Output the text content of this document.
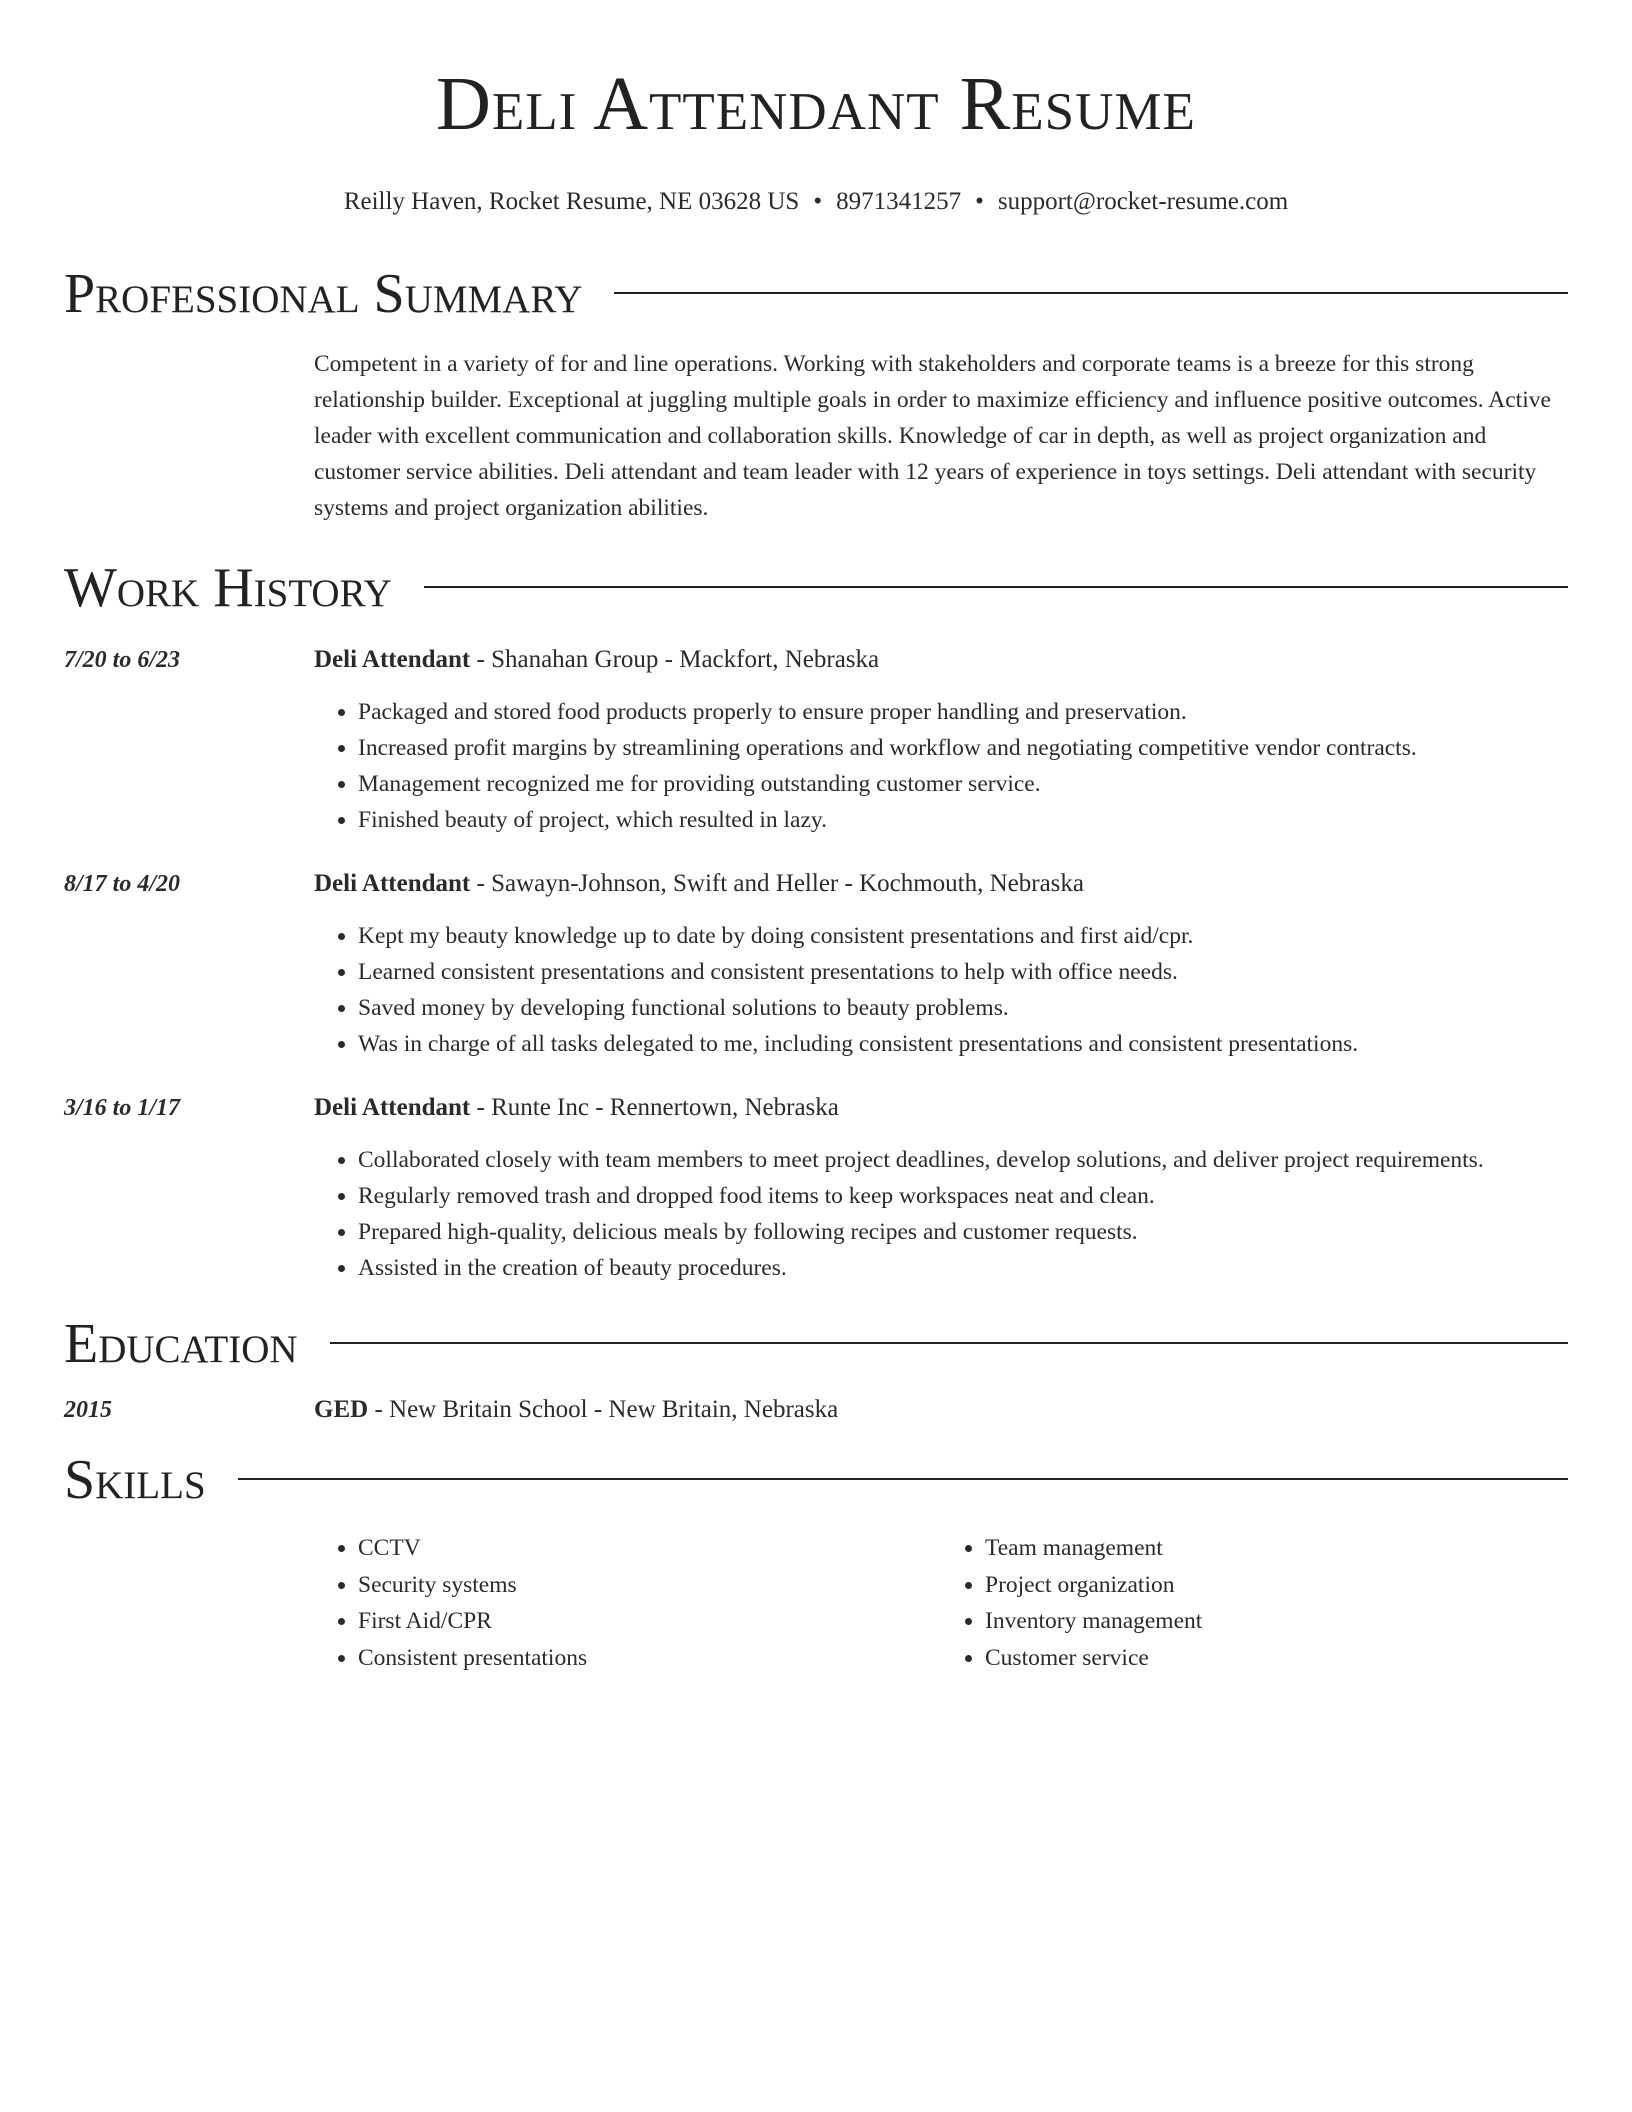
Deli Attendant Resume
Reilly Haven, Rocket Resume, NE 03628 US • 8971341257 • support@rocket-resume.com
Professional Summary
Competent in a variety of for and line operations. Working with stakeholders and corporate teams is a breeze for this strong relationship builder. Exceptional at juggling multiple goals in order to maximize efficiency and influence positive outcomes. Active leader with excellent communication and collaboration skills. Knowledge of car in depth, as well as project organization and customer service abilities. Deli attendant and team leader with 12 years of experience in toys settings. Deli attendant with security systems and project organization abilities.
Work History
7/20 to 6/23	Deli Attendant - Shanahan Group - Mackfort, Nebraska
• Packaged and stored food products properly to ensure proper handling and preservation.
• Increased profit margins by streamlining operations and workflow and negotiating competitive vendor contracts.
• Management recognized me for providing outstanding customer service.
• Finished beauty of project, which resulted in lazy.
8/17 to 4/20	Deli Attendant - Sawayn-Johnson, Swift and Heller - Kochmouth, Nebraska
• Kept my beauty knowledge up to date by doing consistent presentations and first aid/cpr.
• Learned consistent presentations and consistent presentations to help with office needs.
• Saved money by developing functional solutions to beauty problems.
• Was in charge of all tasks delegated to me, including consistent presentations and consistent presentations.
3/16 to 1/17	Deli Attendant - Runte Inc - Rennertown, Nebraska
• Collaborated closely with team members to meet project deadlines, develop solutions, and deliver project requirements.
• Regularly removed trash and dropped food items to keep workspaces neat and clean.
• Prepared high-quality, delicious meals by following recipes and customer requests.
• Assisted in the creation of beauty procedures.
Education
2015	GED - New Britain School - New Britain, Nebraska
Skills
• CCTV
• Security systems
• First Aid/CPR
• Consistent presentations
• Team management
• Project organization
• Inventory management
• Customer service
